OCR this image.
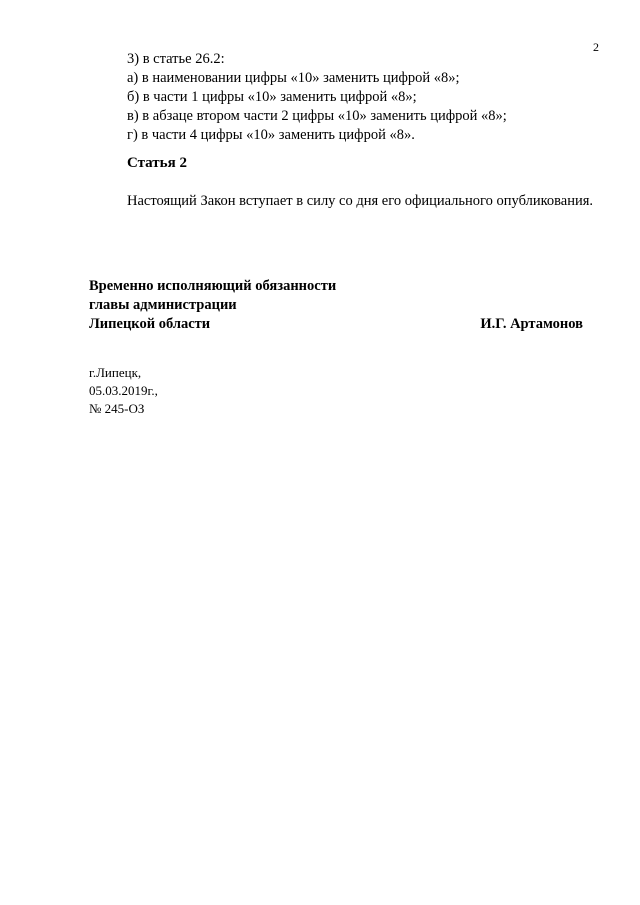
2
3) в статье 26.2:
а) в наименовании цифры «10» заменить цифрой «8»;
б) в части 1 цифры «10» заменить цифрой «8»;
в) в абзаце втором части 2 цифры «10» заменить цифрой «8»;
г) в части 4 цифры «10» заменить цифрой «8».
Статья 2
Настоящий Закон вступает в силу со дня его официального опубликования.
Временно исполняющий обязанности
главы администрации
Липецкой области	И.Г. Артамонов
г.Липецк,
05.03.2019г.,
№ 245-ОЗ
